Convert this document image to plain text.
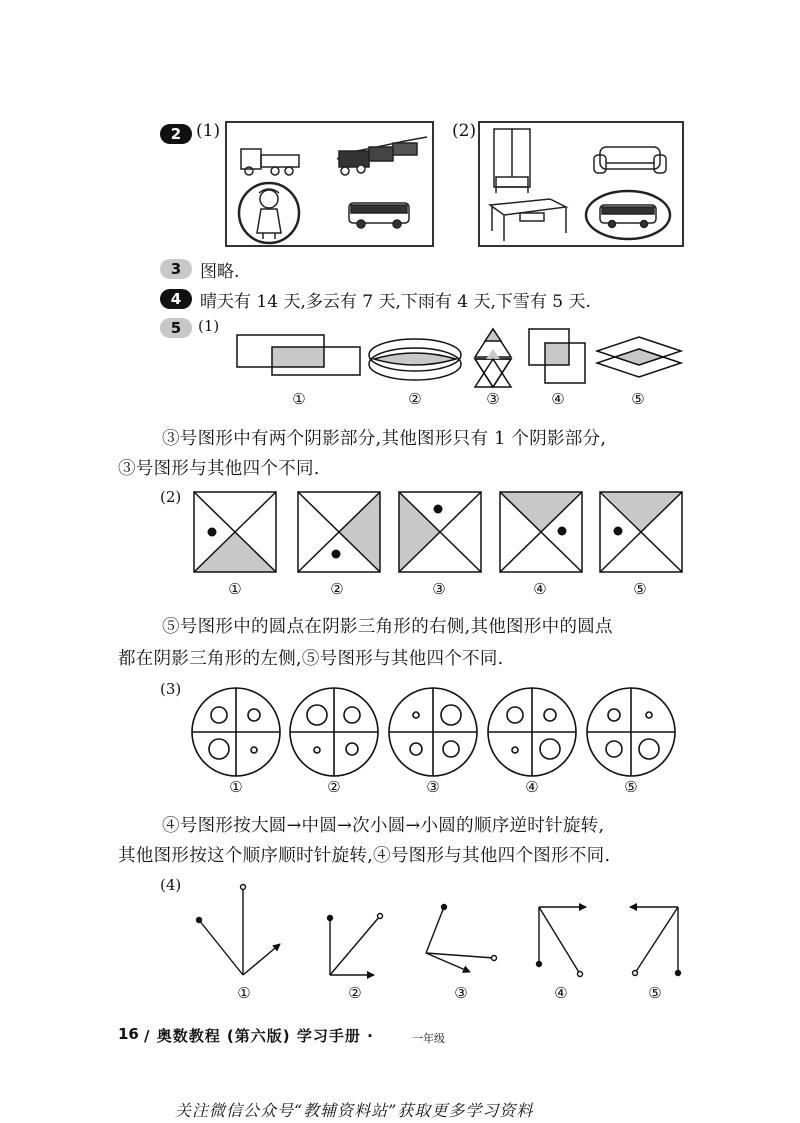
2 (1)	(2)
3	图略.
4	晴天有 14 天,多云有 7 天,下雨有 4 天,下雪有 5 天.
5	(1)
①	②	③	④	⑤
③号图形中有两个阴影部分,其他图形只有 1 个阴影部分,
③号图形与其他四个不同.
(2)
①	②	③	④	⑤
⑤号图形中的圆点在阴影三角形的右侧,其他图形中的圆点
都在阴影三角形的左侧,⑤号图形与其他四个不同.
(3)
①	②	③	④	⑤
④号图形按大圆→中圆→次小圆→小圆的顺序逆时针旋转,
其他图形按这个顺序顺时针旋转,④号图形与其他四个图形不同.
(4)
①	②	③	④	⑤
16 / 奥数教程 (第六版) 学习手册 ·	一年级
关注微信公众号“教辅资料站”获取更多学习资料
